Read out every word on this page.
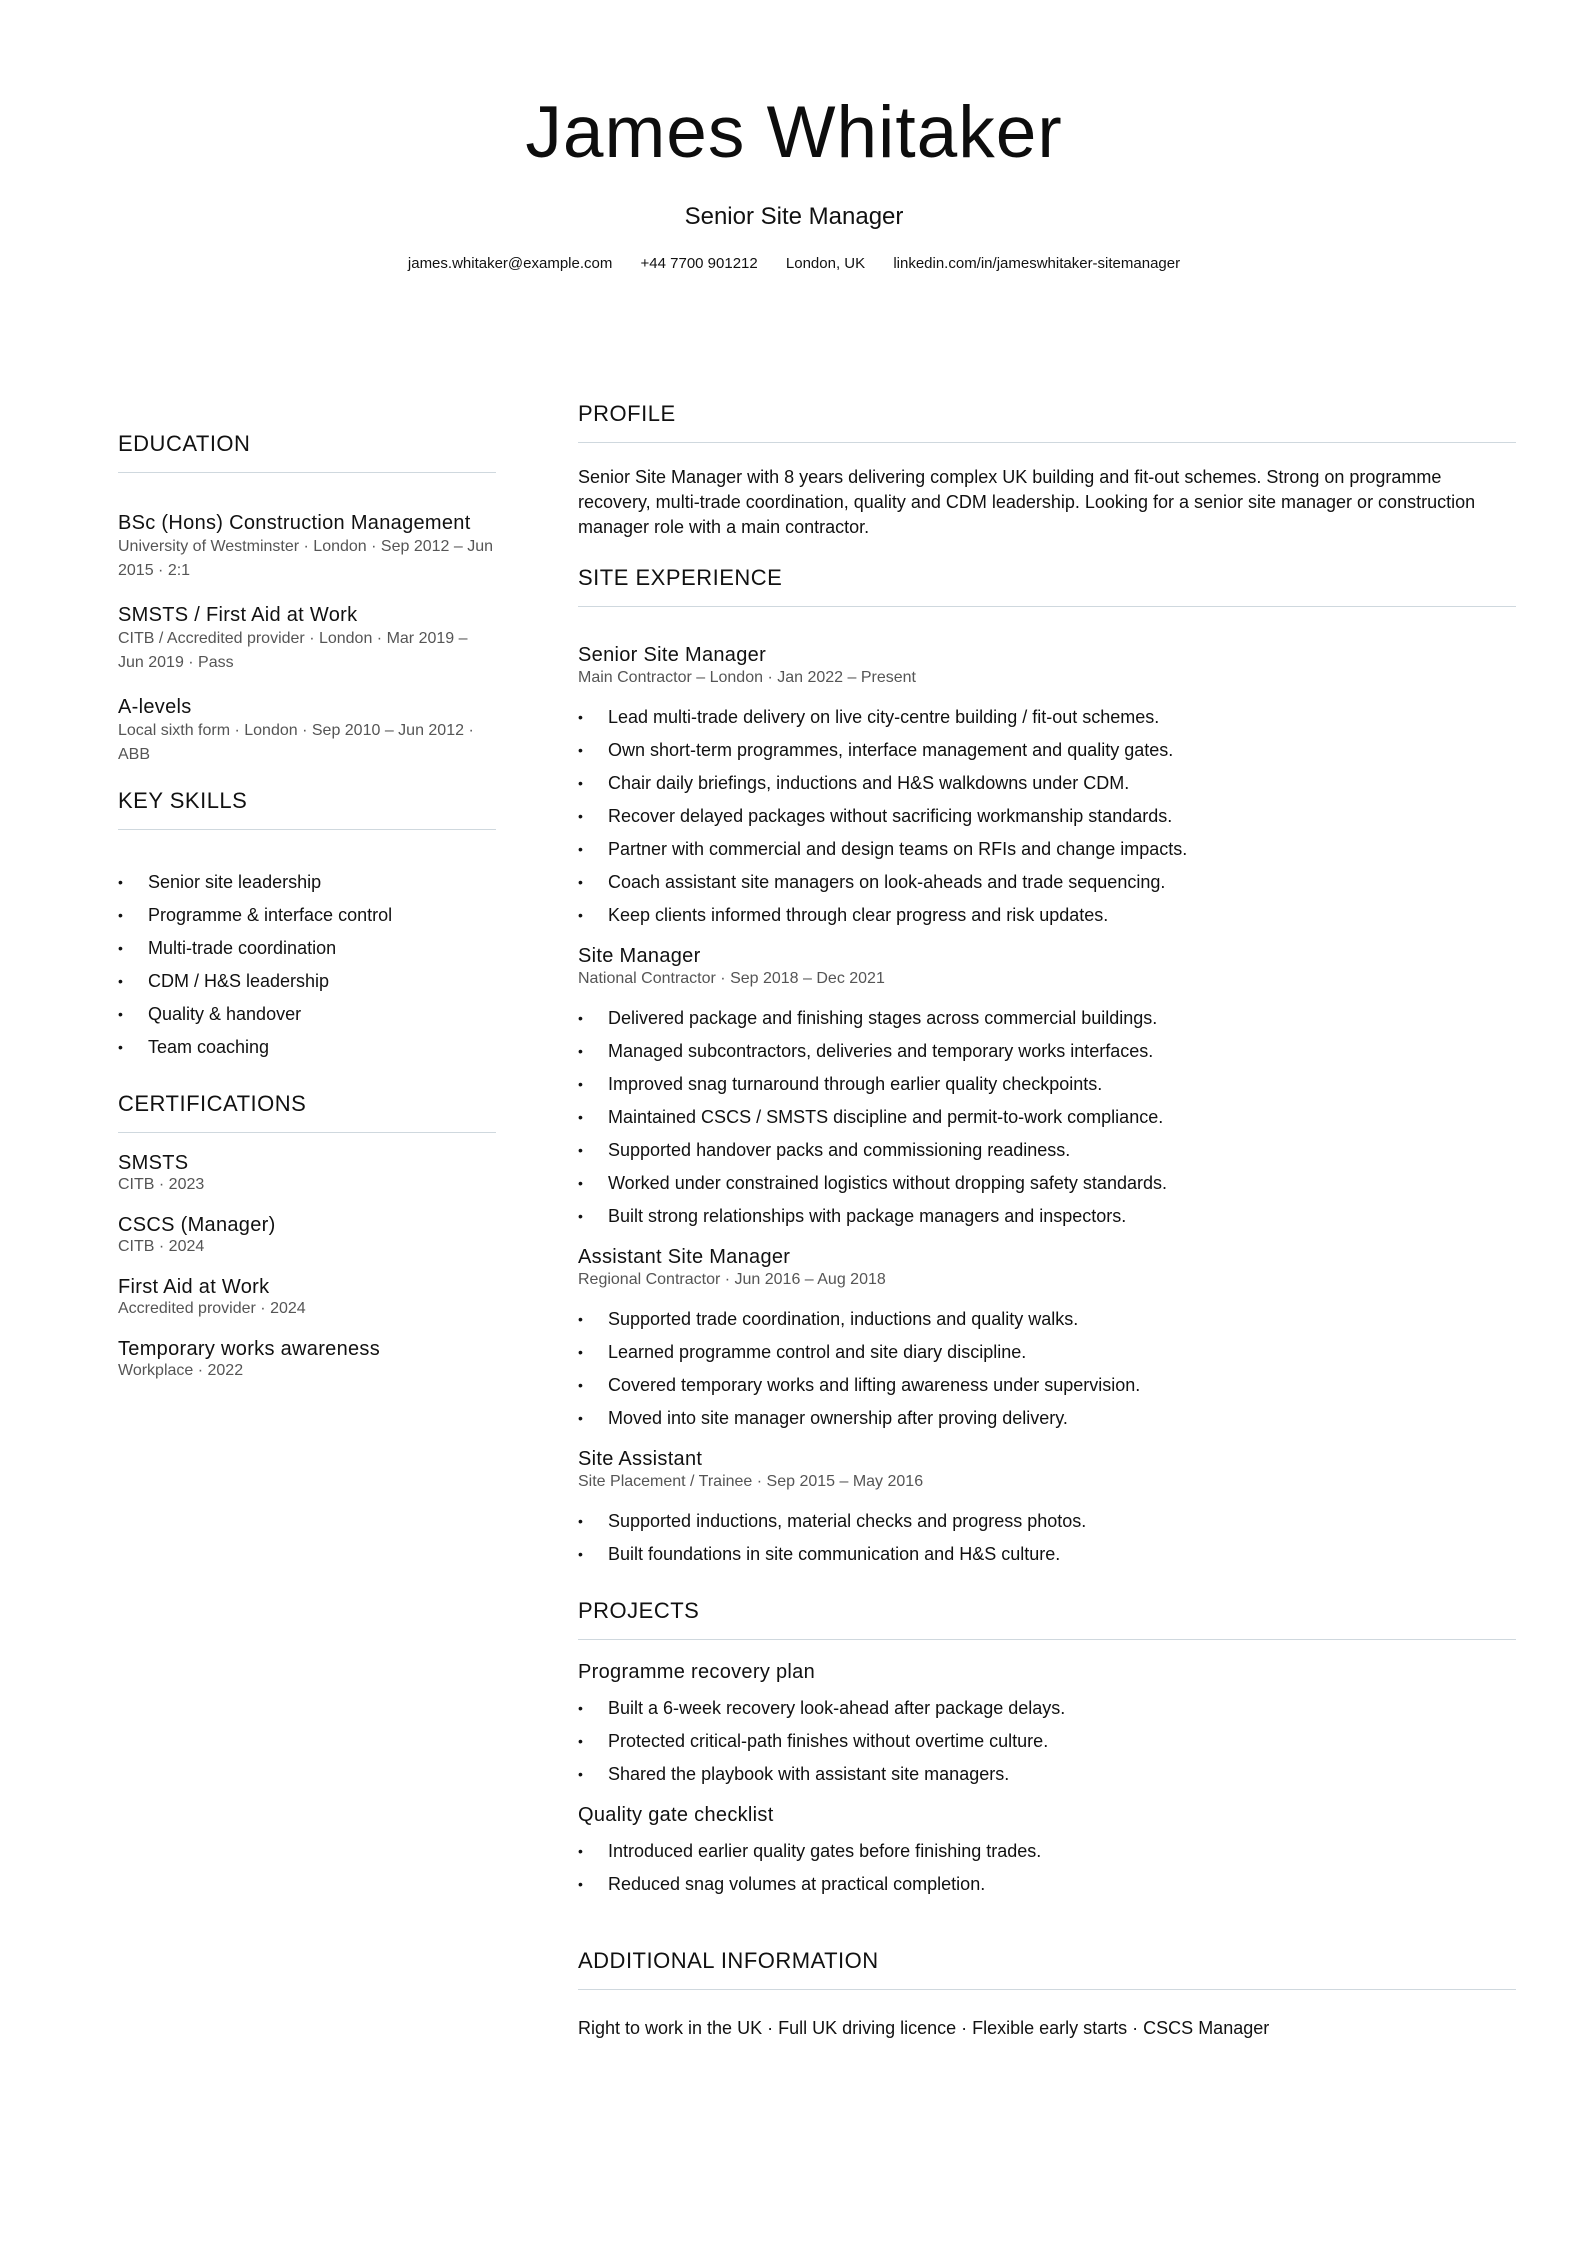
James Whitaker
Senior Site Manager
james.whitaker@example.com +44 7700 901212 London, UK linkedin.com/in/jameswhitaker-sitemanager
EDUCATION
BSc (Hons) Construction Management
University of Westminster · London · Sep 2012 – Jun 2015 · 2:1
SMSTS / First Aid at Work
CITB / Accredited provider · London · Mar 2019 – Jun 2019 · Pass
A-levels
Local sixth form · London · Sep 2010 – Jun 2012 · ABB
KEY SKILLS
• Senior site leadership
• Programme & interface control
• Multi-trade coordination
• CDM / H&S leadership
• Quality & handover
• Team coaching
CERTIFICATIONS
SMSTS
CITB · 2023
CSCS (Manager)
CITB · 2024
First Aid at Work
Accredited provider · 2024
Temporary works awareness
Workplace · 2022
PROFILE
Senior Site Manager with 8 years delivering complex UK building and fit-out schemes. Strong on programme recovery, multi-trade coordination, quality and CDM leadership. Looking for a senior site manager or construction manager role with a main contractor.
SITE EXPERIENCE
Senior Site Manager
Main Contractor – London · Jan 2022 – Present
• Lead multi-trade delivery on live city-centre building / fit-out schemes.
• Own short-term programmes, interface management and quality gates.
• Chair daily briefings, inductions and H&S walkdowns under CDM.
• Recover delayed packages without sacrificing workmanship standards.
• Partner with commercial and design teams on RFIs and change impacts.
• Coach assistant site managers on look-aheads and trade sequencing.
• Keep clients informed through clear progress and risk updates.
Site Manager
National Contractor · Sep 2018 – Dec 2021
• Delivered package and finishing stages across commercial buildings.
• Managed subcontractors, deliveries and temporary works interfaces.
• Improved snag turnaround through earlier quality checkpoints.
• Maintained CSCS / SMSTS discipline and permit-to-work compliance.
• Supported handover packs and commissioning readiness.
• Worked under constrained logistics without dropping safety standards.
• Built strong relationships with package managers and inspectors.
Assistant Site Manager
Regional Contractor · Jun 2016 – Aug 2018
• Supported trade coordination, inductions and quality walks.
• Learned programme control and site diary discipline.
• Covered temporary works and lifting awareness under supervision.
• Moved into site manager ownership after proving delivery.
Site Assistant
Site Placement / Trainee · Sep 2015 – May 2016
• Supported inductions, material checks and progress photos.
• Built foundations in site communication and H&S culture.
PROJECTS
Programme recovery plan
• Built a 6-week recovery look-ahead after package delays.
• Protected critical-path finishes without overtime culture.
• Shared the playbook with assistant site managers.
Quality gate checklist
• Introduced earlier quality gates before finishing trades.
• Reduced snag volumes at practical completion.
ADDITIONAL INFORMATION
Right to work in the UK · Full UK driving licence · Flexible early starts · CSCS Manager
